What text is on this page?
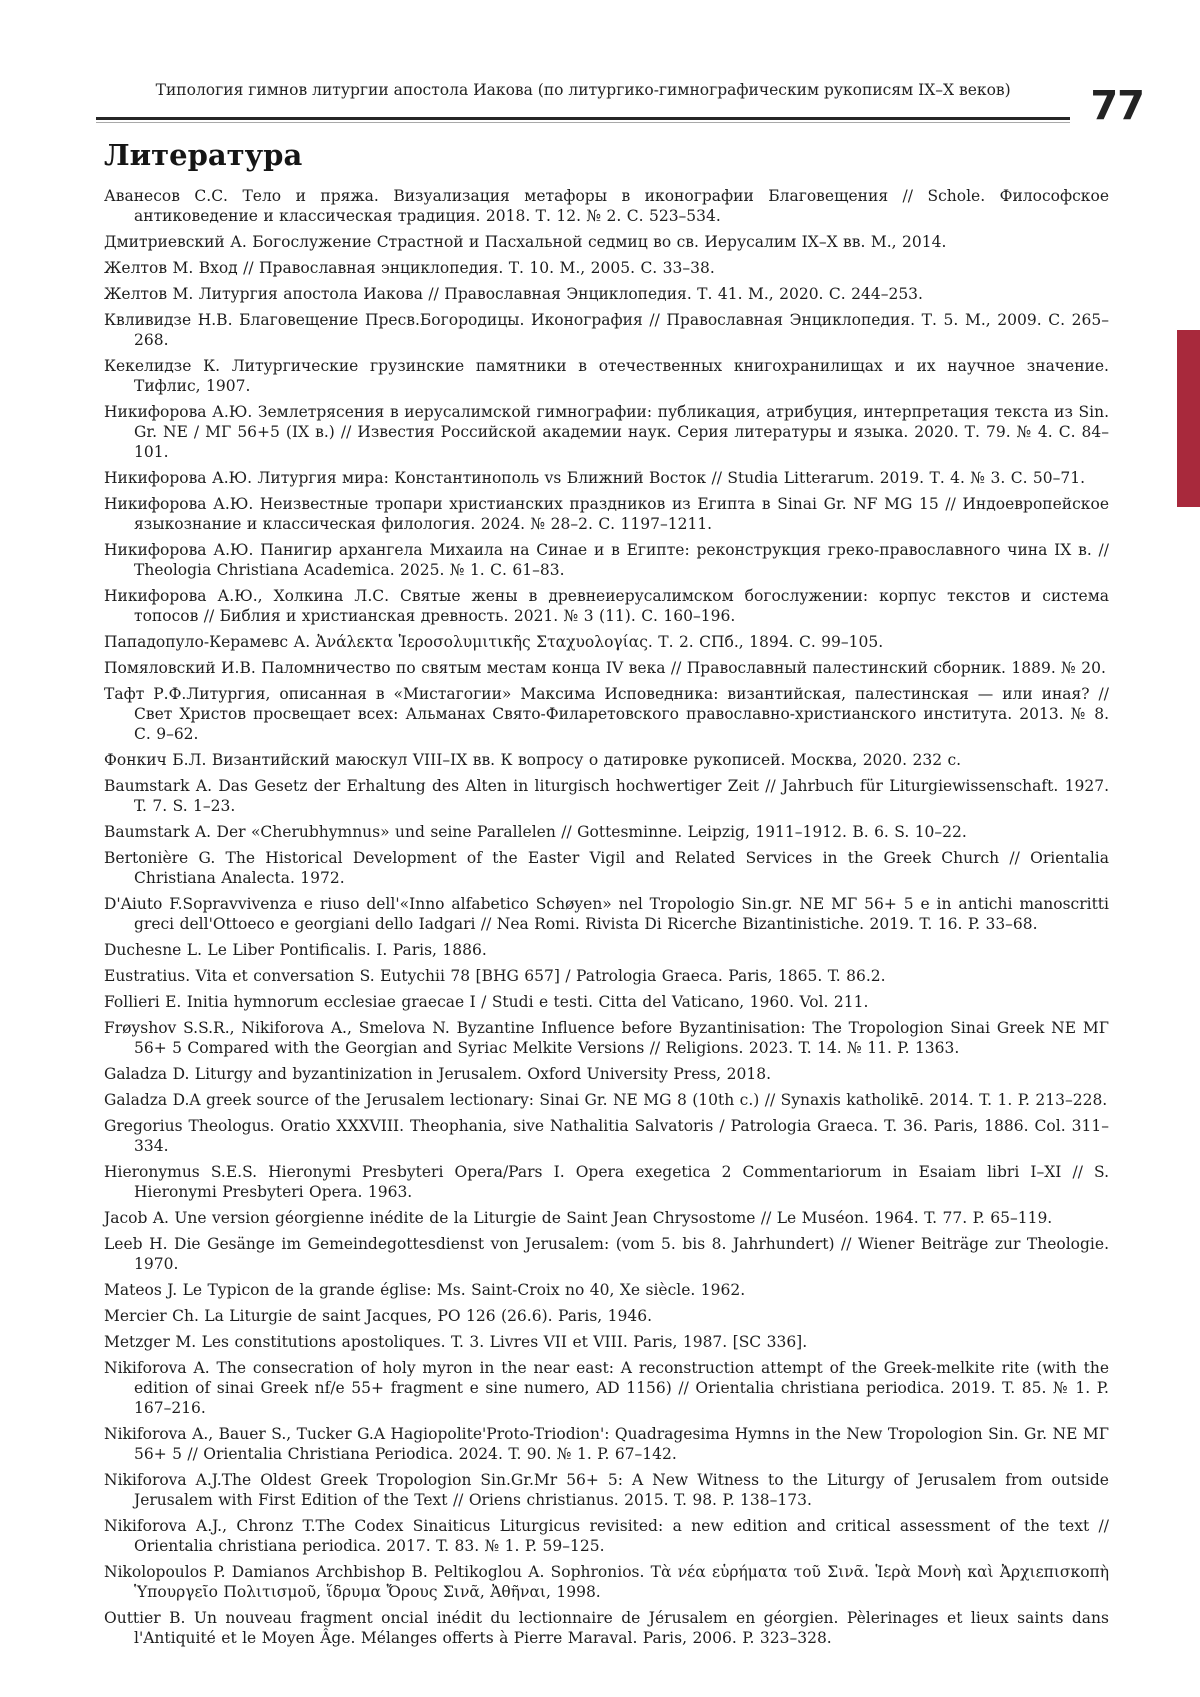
Типология гимнов литургии апостола Иакова (по литургико-гимнографическим рукописям IX–X веков)	77
Литература

Аванесов С.С. Тело и пряжа. Визуализация метафоры в иконографии Благовещения // Schole. Философское антиковедение и классическая традиция. 2018. Т. 12. № 2. С. 523–534.

Дмитриевский А. Богослужение Страстной и Пасхальной седмиц во св. Иерусалим IX–X вв. М., 2014.

Желтов М. Вход // Православная энциклопедия. Т. 10. М., 2005. С. 33–38.

Желтов М. Литургия апостола Иакова // Православная Энциклопедия. Т. 41. М., 2020. С. 244–253.

Квливидзе Н.В. Благовещение Пресв.Богородицы. Иконография // Православная Энциклопедия. Т. 5. М., 2009. С. 265–268.

Кекелидзе К. Литургические грузинские памятники в отечественных книгохранилищах и их научное значение. Тифлис, 1907.

Никифорова А.Ю. Землетрясения в иерусалимской гимнографии: публикация, атрибуция, интерпретация текста из Sin. Gr. NE / МГ 56+5 (IX в.) // Известия Российской академии наук. Серия литературы и языка. 2020. Т. 79. № 4. С. 84–101.

Никифорова А.Ю. Литургия мира: Константинополь vs Ближний Восток // Studia Litterarum. 2019. Т. 4. № 3. С. 50–71.

Никифорова А.Ю. Неизвестные тропари христианских праздников из Египта в Sinai Gr. NF MG 15 // Индоевропейское языкознание и классическая филология. 2024. № 28–2. С. 1197–1211.

Никифорова А.Ю. Панигир архангела Михаила на Синае и в Египте: реконструкция греко-православного чина IX в. // Theologia Christiana Academica. 2025. № 1. С. 61–83.

Никифорова А.Ю., Холкина Л.С. Святые жены в древнеиерусалимском богослужении: корпус текстов и система топосов // Библия и христианская древность. 2021. № 3 (11). С. 160–196.

Пападопуло-Керамевс А. Ἀνάλεκτα Ἱεροσολυμιτικῆς Σταχυολογίας. Т. 2. СПб., 1894. С. 99–105.

Помяловский И.В. Паломничество по святым местам конца IV века // Православный палестинский сборник. 1889. № 20.

Тафт Р.Ф.Литургия, описанная в «Мистагогии» Максима Исповедника: византийская, палестинская — или иная? // Свет Христов просвещает всех: Альманах Свято-Филаретовского православно-христианского института. 2013. № 8. С. 9–62.

Фонкич Б.Л. Византийский маюскул VIII–IX вв. К вопросу о датировке рукописей. Москва, 2020. 232 с.

Baumstark A. Das Gesetz der Erhaltung des Alten in liturgisch hochwertiger Zeit // Jahrbuch für Liturgiewissenschaft. 1927. T. 7. S. 1–23.

Baumstark A. Der «Cherubhymnus» und seine Parallelen // Gottesminne. Leipzig, 1911–1912. B. 6. S. 10–22.

Bertonière G. The Historical Development of the Easter Vigil and Related Services in the Greek Church // Orientalia Christiana Analecta. 1972.

D'Aiuto F.Sopravvivenza e riuso dell'«Inno alfabetico Schøyen» nel Tropologio Sin.gr. NE МГ 56+ 5 e in antichi manoscritti greci dell'Ottoeco e georgiani dello Iadgari // Nea Romi. Rivista Di Ricerche Bizantinistiche. 2019. T. 16. P. 33–68.

Duchesne L. Le Liber Pontificalis. I. Paris, 1886.

Eustratius. Vita et conversation S. Eutychii 78 [BHG 657] / Patrologia Graeca. Paris, 1865. T. 86.2.

Follieri E. Initia hymnorum ecclesiae graecae I / Studi e testi. Citta del Vaticano, 1960. Vol. 211.

Frøyshov S.S.R., Nikiforova A., Smelova N. Byzantine Influence before Byzantinisation: The Tropologion Sinai Greek NE МГ 56+ 5 Compared with the Georgian and Syriac Melkite Versions // Religions. 2023. T. 14. № 11. P. 1363.

Galadza D. Liturgy and byzantinization in Jerusalem. Oxford University Press, 2018.

Galadza D.A greek source of the Jerusalem lectionary: Sinai Gr. NE MG 8 (10th c.) // Synaxis katholikē. 2014. T. 1. P. 213–228.

Gregorius Theologus. Oratio XXXVIII. Theophania, sive Nathalitia Salvatoris / Patrologia Graeca. T. 36. Paris, 1886. Col. 311–334.

Hieronymus S.E.S. Hieronymi Presbyteri Opera/Pars I. Opera exegetica 2 Commentariorum in Esaiam libri I–XI // S. Hieronymi Presbyteri Opera. 1963.

Jacob A. Une version géorgienne inédite de la Liturgie de Saint Jean Chrysostome // Le Muséon. 1964. T. 77. P. 65–119.

Leeb H. Die Gesänge im Gemeindegottesdienst von Jerusalem: (vom 5. bis 8. Jahrhundert) // Wiener Beiträge zur Theologie. 1970.

Mateos J. Le Typicon de la grande église: Ms. Saint-Croix no 40, Xe siècle. 1962.

Mercier Ch. La Liturgie de saint Jacques, PO 126 (26.6). Paris, 1946.

Metzger M. Les constitutions apostoliques. T. 3. Livres VII et VIII. Paris, 1987. [SC 336].

Nikiforova A. The consecration of holy myron in the near east: A reconstruction attempt of the Greek-melkite rite (with the edition of sinai Greek nf/e 55+ fragment e sine numero, AD 1156) // Orientalia christiana periodica. 2019. T. 85. № 1. P. 167–216.

Nikiforova A., Bauer S., Tucker G.A Hagiopolite'Proto-Triodion': Quadragesima Hymns in the New Tropologion Sin. Gr. NE МГ 56+ 5 // Orientalia Christiana Periodica. 2024. T. 90. № 1. P. 67–142.

Nikiforova A.J.The Oldest Greek Tropologion Sin.Gr.Mr 56+ 5: A New Witness to the Liturgy of Jerusalem from outside Jerusalem with First Edition of the Text // Oriens christianus. 2015. T. 98. P. 138–173.

Nikiforova A.J., Chronz T.The Codex Sinaiticus Liturgicus revisited: a new edition and critical assessment of the text // Orientalia christiana periodica. 2017. T. 83. № 1. P. 59–125.

Nikolopoulos P. Damianos Archbishop B. Peltikoglou A. Sophronios. Τὰ νέα εὑρήματα τοῦ Σινᾶ. Ἱερὰ Μονὴ καὶ Ἀρχιεπισκοπὴ Ὑπουργεῖο Πολιτισμοῦ, ἵδρυμα Ὄρους Σινᾶ, Ἀθῆναι, 1998.

Outtier B. Un nouveau fragment oncial inédit du lectionnaire de Jérusalem en géorgien. Pèlerinages et lieux saints dans l'Antiquité et le Moyen Âge. Mélanges offerts à Pierre Maraval. Paris, 2006. P. 323–328.
